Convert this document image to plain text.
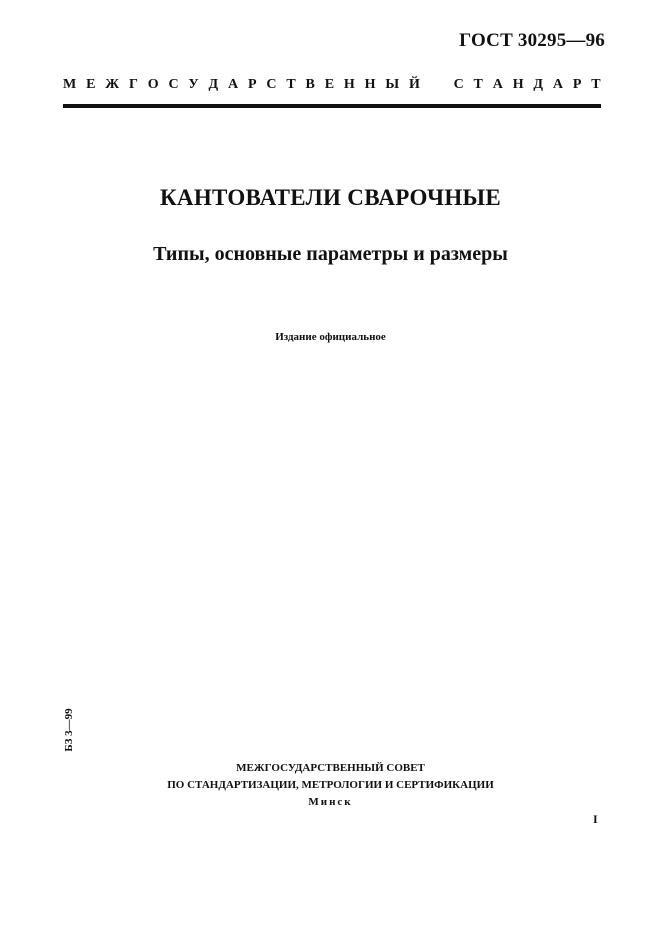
ГОСТ 30295—96
М Е Ж Г О С У Д А Р С Т В Е Н Н Ы Й С Т А Н Д А Р Т
КАНТОВАТЕЛИ СВАРОЧНЫЕ
Типы, основные параметры и размеры
Издание официальное
БЗ 3—99
МЕЖГОСУДАРСТВЕННЫЙ СОВЕТ
ПО СТАНДАРТИЗАЦИИ, МЕТРОЛОГИИ И СЕРТИФИКАЦИИ
Минск
I
